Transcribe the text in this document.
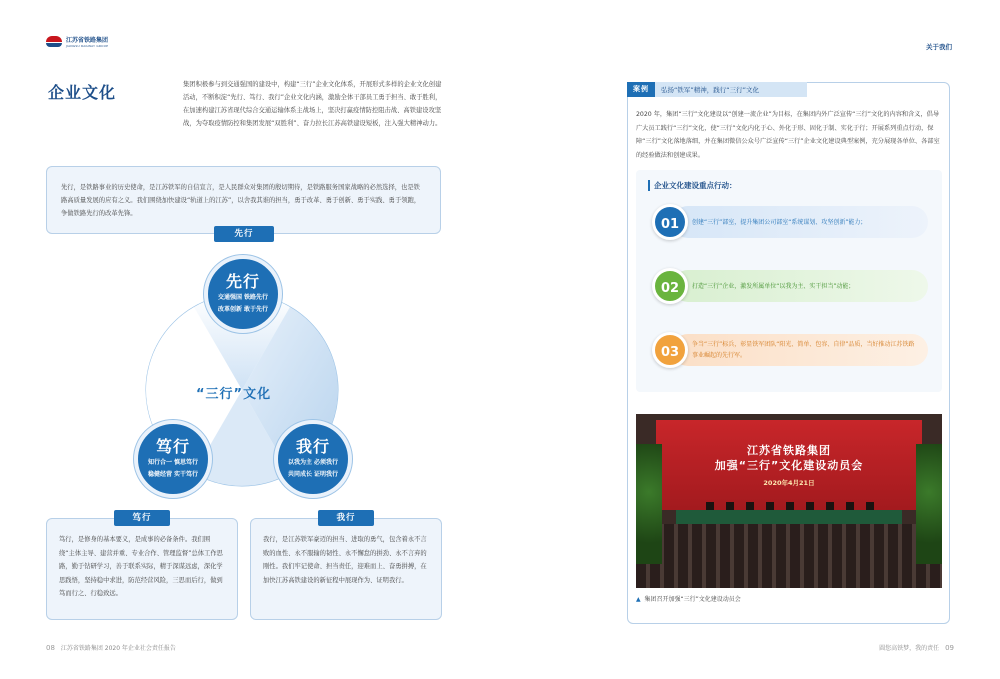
江苏省铁路集团
JIANGSU RAILWAY GROUP
企业文化	集团积极参与到交通强国的建设中，构建“三行”企业文化体系，开展形式多样的企业文化创建活动，不断积淀“先行、笃行、我行”企业文化内涵，激励全体干部员工勇于担当、敢于胜利，在加速构建江苏省现代综合交通运输体系主战场上，坚决打赢疫情防控阻击战、高铁建设攻坚战，为夺取疫情防控和集团发展“双胜利”、奋力拉长江苏高铁建设短板，注入强大精神动力。
先行，是铁路事业的历史使命，是江苏铁军的自信宣言，是人民群众对集团的殷切期待，是铁路服务国家战略的必然选择，也是铁路高质量发展的应有之义。我们围绕加快建设“轨道上的江苏”，以舍我其谁的担当，勇于改革、勇于创新、勇于实践、勇于领跑，争做铁路先行的改革先锋。
先行
“三行”文化
先行
交通强国 铁路先行
改革创新 敢于先行
笃行
知行合一 慎思笃行
稳健经营 实干笃行
我行
以我为主 必须我行
共同成长 证明我行
笃行，是修身的基本要义，是成事的必备条件。我们围绕“主体主导、建营并重、专业合作、管理监督”总体工作思路，勤于钻研学习，善于联系实际，精于深谋远虑，深化学思践悟，坚持稳中求进，防范经营风险，三思而后行，做到笃而行之、行稳致远。
我行，是江苏铁军豪迈的担当、进取的勇气，包含着永不言败的血性、永不服输的韧性、永不懈怠的拼劲、永不言弃的刚性。我们牢记使命、担当责任，迎难而上、奋勇拼搏，在加快江苏高铁建设的新征程中展现作为、证明我行。
笃行	我行
08 江苏省铁路集团 2020 年企业社会责任报告
关于我们
案例	弘扬“铁军”精神，践行“三行”文化
2020 年，集团“三行”文化建设以“创建一流企业”为目标，在集团内外广泛宣传“三行”文化的内容和含义，倡导广大员工践行“三行”文化，使“三行”文化内化于心、外化于形、固化于制、实化于行；开展系列重点行动，保障“三行”文化落地落细，并在集团微信公众号广泛宣传“三行”企业文化建设典型案例，充分展现各单位、各部室的经验做法和创建成果。
企业文化建设重点行动：
创建“三行”部室，提升集团公司部室“系统谋划、攻坚创新”能力；
01
打造“三行”企业，激发所属单位“以我为主、实干担当”动能；
02
争当“三行”标兵，彰显铁军团队“阳光、简单、包容、自律”品质，当好推动江苏铁路事业崛起的先行军。
03
江苏省铁路集团
加强“三行”文化建设动员会
2020年4月21日
▲ 集团召开加强“三行”文化建设动员会
圆您高铁梦，我的责任 09
